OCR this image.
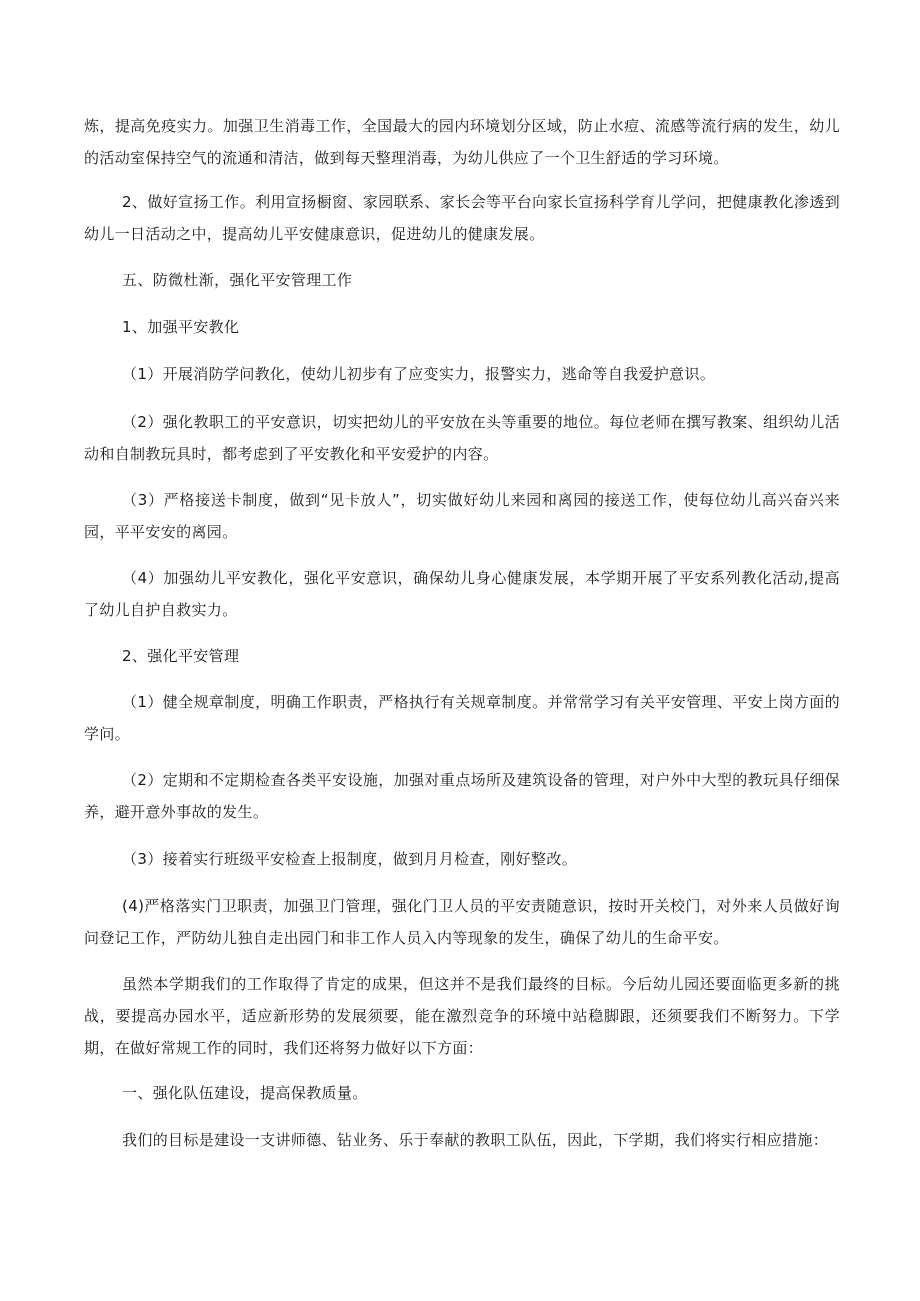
炼，提高免疫实力。加强卫生消毒工作，全国最大的园内环境划分区域，防止水痘、流感等流行病的发生，幼儿的活动室保持空气的流通和清洁，做到每天整理消毒，为幼儿供应了一个卫生舒适的学习环境。

2、做好宣扬工作。利用宣扬橱窗、家园联系、家长会等平台向家长宣扬科学育儿学问，把健康教化渗透到幼儿一日活动之中，提高幼儿平安健康意识，促进幼儿的健康发展。

五、防微杜渐，强化平安管理工作

1、加强平安教化

（1）开展消防学问教化，使幼儿初步有了应变实力，报警实力，逃命等自我爱护意识。

（2）强化教职工的平安意识，切实把幼儿的平安放在头等重要的地位。每位老师在撰写教案、组织幼儿活动和自制教玩具时，都考虑到了平安教化和平安爱护的内容。

（3）严格接送卡制度，做到“见卡放人”，切实做好幼儿来园和离园的接送工作，使每位幼儿高兴奋兴来园，平平安安的离园。

（4）加强幼儿平安教化，强化平安意识，确保幼儿身心健康发展，本学期开展了平安系列教化活动,提高了幼儿自护自救实力。

2、强化平安管理

（1）健全规章制度，明确工作职责，严格执行有关规章制度。并常常学习有关平安管理、平安上岗方面的学问。

（2）定期和不定期检查各类平安设施，加强对重点场所及建筑设备的管理，对户外中大型的教玩具仔细保养，避开意外事故的发生。

（3）接着实行班级平安检查上报制度，做到月月检查，刚好整改。

(4)严格落实门卫职责，加强卫门管理，强化门卫人员的平安责随意识，按时开关校门，对外来人员做好询问登记工作，严防幼儿独自走出园门和非工作人员入内等现象的发生，确保了幼儿的生命平安。

虽然本学期我们的工作取得了肯定的成果，但这并不是我们最终的目标。今后幼儿园还要面临更多新的挑战，要提高办园水平，适应新形势的发展须要，能在激烈竞争的环境中站稳脚跟，还须要我们不断努力。下学期，在做好常规工作的同时，我们还将努力做好以下方面：

一、强化队伍建设，提高保教质量。

我们的目标是建设一支讲师德、钻业务、乐于奉献的教职工队伍，因此，下学期，我们将实行相应措施：
